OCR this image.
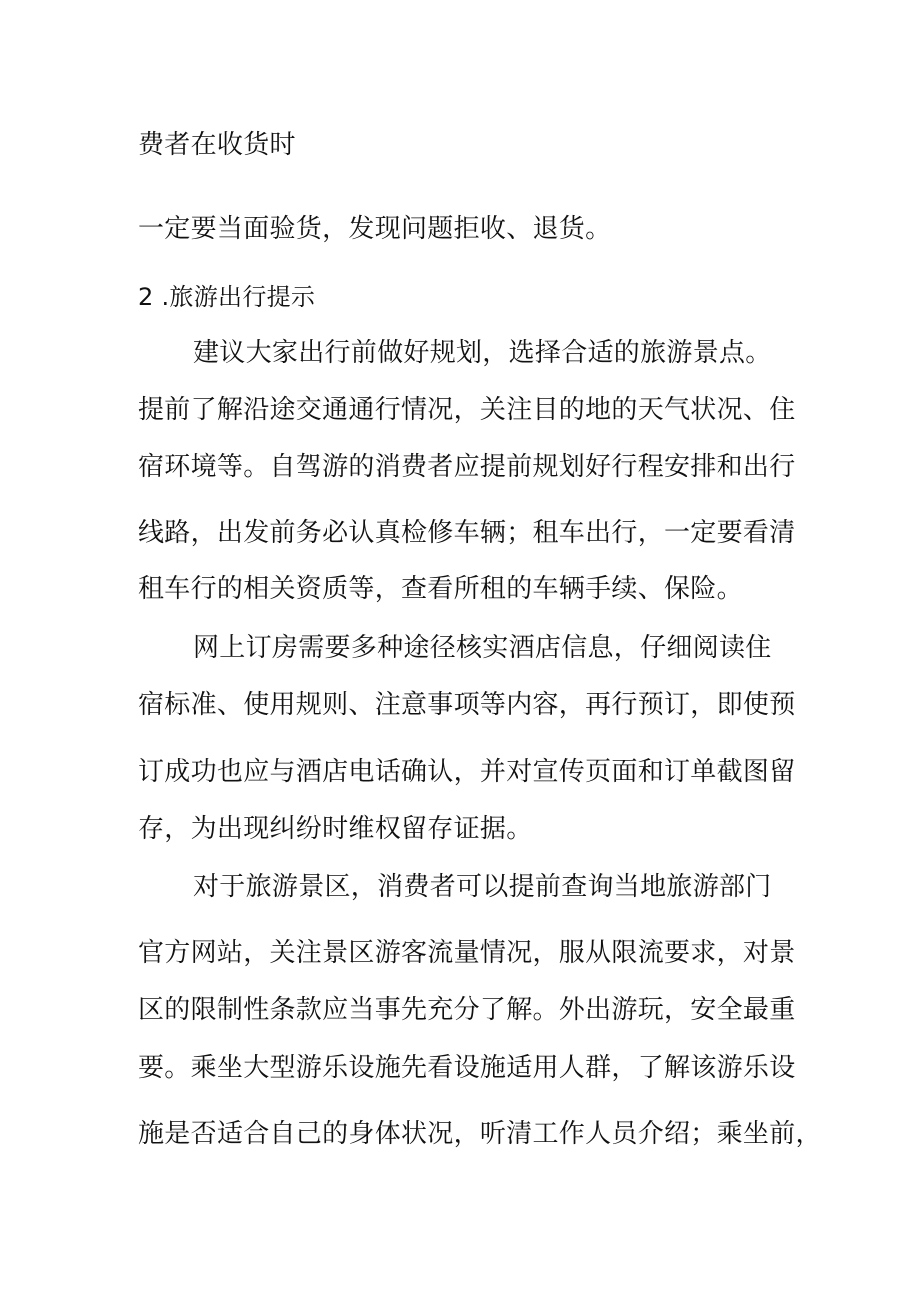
费者在收货时
一定要当面验货，发现问题拒收、退货。
2 .旅游出行提示
建议大家出行前做好规划，选择合适的旅游景点。
提前了解沿途交通通行情况，关注目的地的天气状况、住
宿环境等。自驾游的消费者应提前规划好行程安排和出行
线路，出发前务必认真检修车辆；租车出行，一定要看清
租车行的相关资质等，查看所租的车辆手续、保险。
网上订房需要多种途径核实酒店信息，仔细阅读住
宿标准、使用规则、注意事项等内容，再行预订，即使预
订成功也应与酒店电话确认，并对宣传页面和订单截图留
存，为出现纠纷时维权留存证据。
对于旅游景区，消费者可以提前查询当地旅游部门
官方网站，关注景区游客流量情况，服从限流要求，对景
区的限制性条款应当事先充分了解。外出游玩，安全最重
要。乘坐大型游乐设施先看设施适用人群，了解该游乐设
施是否适合自己的身体状况，听清工作人员介绍；乘坐前，
